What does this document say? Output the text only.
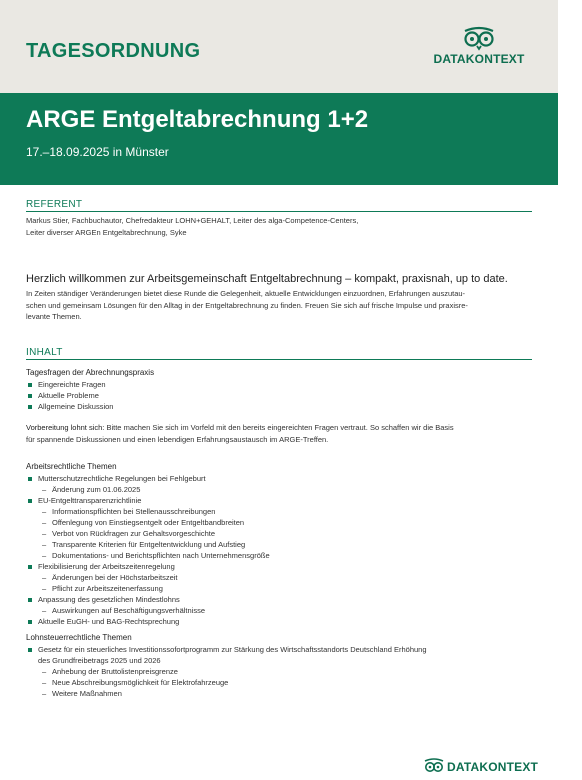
TAGESORDNUNG	DATAKONTEXT
ARGE Entgeltabrechnung 1+2
17.–18.09.2025 in Münster
REFERENT
Markus Stier, Fachbuchautor, Chefredakteur LOHN+GEHALT, Leiter des alga-Competence-Centers,
Leiter diverser ARGEn Entgeltabrechnung, Syke
Herzlich willkommen zur Arbeitsgemeinschaft Entgeltabrechnung – kompakt, praxisnah, up to date.
In Zeiten ständiger Veränderungen bietet diese Runde die Gelegenheit, aktuelle Entwicklungen einzuordnen, Erfahrungen auszutau-
schen und gemeinsam Lösungen für den Alltag in der Entgeltabrechnung zu finden. Freuen Sie sich auf frische Impulse und praxisre-
levante Themen.
INHALT
Tagesfragen der Abrechnungspraxis
Eingereichte Fragen
Aktuelle Probleme
Allgemeine Diskussion
Vorbereitung lohnt sich: Bitte machen Sie sich im Vorfeld mit den bereits eingereichten Fragen vertraut. So schaffen wir die Basis
für spannende Diskussionen und einen lebendigen Erfahrungsaustausch im ARGE-Treffen.
Arbeitsrechtliche Themen
Mutterschutzrechtliche Regelungen bei Fehlgeburt
– Änderung zum 01.06.2025
EU-Entgelttransparenzrichtlinie
– Informationspflichten bei Stellenausschreibungen
– Offenlegung von Einstiegsentgelt oder Entgeltbandbreiten
– Verbot von Rückfragen zur Gehaltsvorgeschichte
– Transparente Kriterien für Entgeltentwicklung und Aufstieg
– Dokumentations- und Berichtspflichten nach Unternehmensgröße
Flexibilisierung der Arbeitszeitenregelung
– Änderungen bei der Höchstarbeitszeit
– Pflicht zur Arbeitszeitenerfassung
Anpassung des gesetzlichen Mindestlohns
– Auswirkungen auf Beschäftigungsverhältnisse
Aktuelle EuGH- und BAG-Rechtsprechung
Lohnsteuerrechtliche Themen
Gesetz für ein steuerliches Investitionssofortprogramm zur Stärkung des Wirtschaftsstandorts Deutschland Erhöhung
des Grundfreibetrags 2025 und 2026
– Anhebung der Bruttolistenpreisgrenze
– Neue Abschreibungsmöglichkeit für Elektrofahrzeuge
– Weitere Maßnahmen
DATAKONTEXT
